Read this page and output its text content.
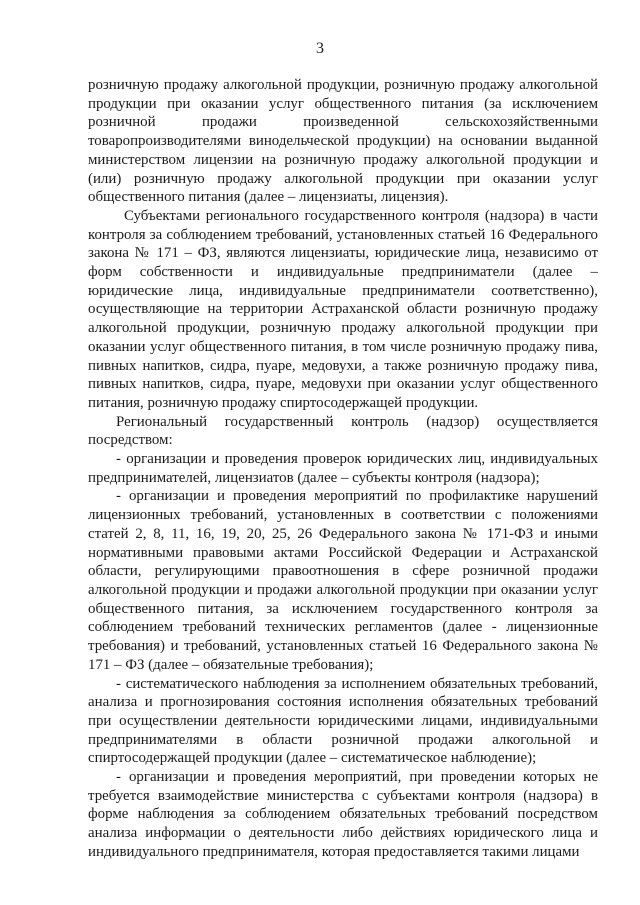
3

розничную продажу алкогольной продукции, розничную продажу алкогольной продукции при оказании услуг общественного питания (за исключением розничной продажи произведенной сельскохозяйственными товаропроизводителями винодельческой продукции) на основании выданной министерством лицензии на розничную продажу алкогольной продукции и (или) розничную продажу алкогольной продукции при оказании услуг общественного питания (далее – лицензиаты, лицензия).

Субъектами регионального государственного контроля (надзора) в части контроля за соблюдением требований, установленных статьей 16 Федерального закона № 171 – ФЗ, являются лицензиаты, юридические лица, независимо от форм собственности и индивидуальные предприниматели (далее – юридические лица, индивидуальные предприниматели соответственно), осуществляющие на территории Астраханской области розничную продажу алкогольной продукции, розничную продажу алкогольной продукции при оказании услуг общественного питания, в том числе розничную продажу пива, пивных напитков, сидра, пуаре, медовухи, а также розничную продажу пива, пивных напитков, сидра, пуаре, медовухи при оказании услуг общественного питания, розничную продажу спиртосодержащей продукции.

Региональный государственный контроль (надзор) осуществляется посредством:

- организации и проведения проверок юридических лиц, индивидуальных предпринимателей, лицензиатов (далее – субъекты контроля (надзора);

- организации и проведения мероприятий по профилактике нарушений лицензионных требований, установленных в соответствии с положениями статей 2, 8, 11, 16, 19, 20, 25, 26 Федерального закона № 171-ФЗ и иными нормативными правовыми актами Российской Федерации и Астраханской области, регулирующими правоотношения в сфере розничной продажи алкогольной продукции и продажи алкогольной продукции при оказании услуг общественного питания, за исключением государственного контроля за соблюдением требований технических регламентов (далее - лицензионные требования) и требований, установленных статьей 16 Федерального закона № 171 – ФЗ (далее – обязательные требования);

- систематического наблюдения за исполнением обязательных требований, анализа и прогнозирования состояния исполнения обязательных требований при осуществлении деятельности юридическими лицами, индивидуальными предпринимателями в области розничной продажи алкогольной и спиртосодержащей продукции (далее – систематическое наблюдение);

- организации и проведения мероприятий, при проведении которых не требуется взаимодействие министерства с субъектами контроля (надзора) в форме наблюдения за соблюдением обязательных требований посредством анализа информации о деятельности либо действиях юридического лица и индивидуального предпринимателя, которая предоставляется такими лицами
